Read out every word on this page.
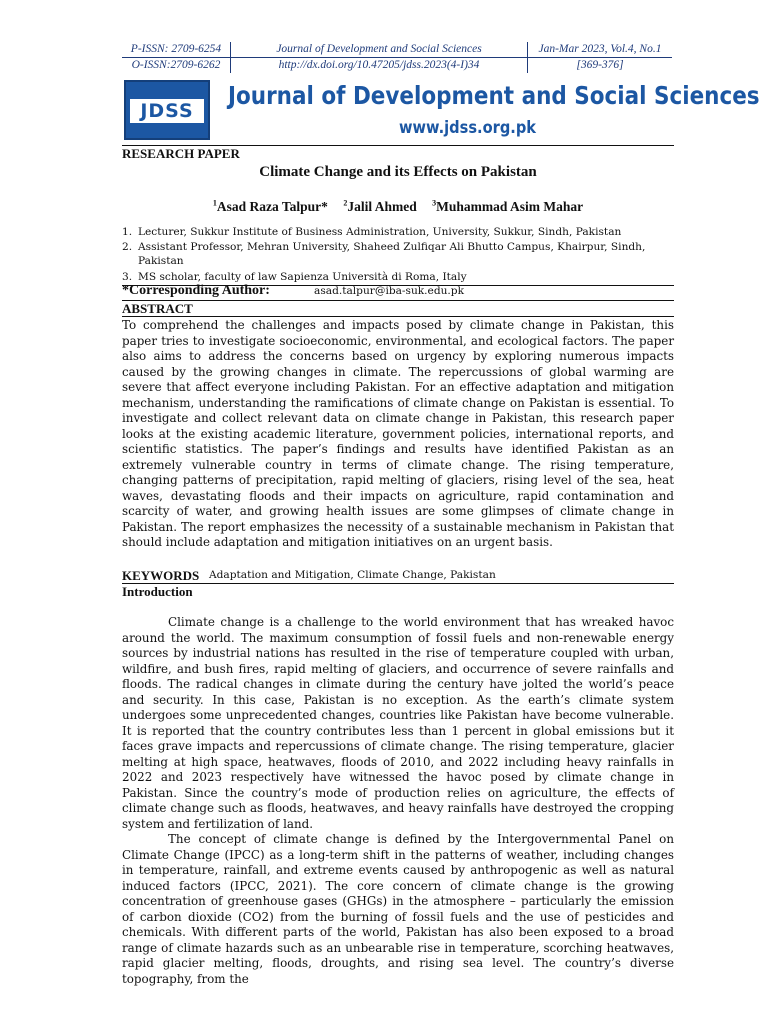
P-ISSN: 2709-6254	Journal of Development and Social Sciences	Jan-Mar 2023, Vol.4, No.1
O-ISSN:2709-6262	http://dx.doi.org/10.47205/jdss.2023(4-I)34	[369-376]
JDSS
Journal of Development and Social Sciences
www.jdss.org.pk
RESEARCH PAPER
Climate Change and its Effects on Pakistan
$^1$Asad Raza Talpur* $^2$Jalil Ahmed $^3$Muhammad Asim Mahar
1. Lecturer, Sukkur Institute of Business Administration, University, Sukkur, Sindh, Pakistan
2. Assistant Professor, Mehran University, Shaheed Zulfiqar Ali Bhutto Campus, Khairpur, Sindh, Pakistan
3. MS scholar, faculty of law Sapienza Università di Roma, Italy
*Corresponding Author:	asad.talpur@iba-suk.edu.pk
ABSTRACT
To comprehend the challenges and impacts posed by climate change in Pakistan, this paper tries to investigate socioeconomic, environmental, and ecological factors. The paper also aims to address the concerns based on urgency by exploring numerous impacts caused by the growing changes in climate. The repercussions of global warming are severe that affect everyone including Pakistan. For an effective adaptation and mitigation mechanism, understanding the ramifications of climate change on Pakistan is essential. To investigate and collect relevant data on climate change in Pakistan, this research paper looks at the existing academic literature, government policies, international reports, and scientific statistics. The paper’s findings and results have identified Pakistan as an extremely vulnerable country in terms of climate change. The rising temperature, changing patterns of precipitation, rapid melting of glaciers, rising level of the sea, heat waves, devastating floods and their impacts on agriculture, rapid contamination and scarcity of water, and growing health issues are some glimpses of climate change in Pakistan. The report emphasizes the necessity of a sustainable mechanism in Pakistan that should include adaptation and mitigation initiatives on an urgent basis.
KEYWORDS Adaptation and Mitigation, Climate Change, Pakistan
Introduction
Climate change is a challenge to the world environment that has wreaked havoc around the world. The maximum consumption of fossil fuels and non-renewable energy sources by industrial nations has resulted in the rise of temperature coupled with urban, wildfire, and bush fires, rapid melting of glaciers, and occurrence of severe rainfalls and floods. The radical changes in climate during the century have jolted the world’s peace and security. In this case, Pakistan is no exception. As the earth’s climate system undergoes some unprecedented changes, countries like Pakistan have become vulnerable. It is reported that the country contributes less than 1 percent in global emissions but it faces grave impacts and repercussions of climate change. The rising temperature, glacier melting at high space, heatwaves, floods of 2010, and 2022 including heavy rainfalls in 2022 and 2023 respectively have witnessed the havoc posed by climate change in Pakistan. Since the country’s mode of production relies on agriculture, the effects of climate change such as floods, heatwaves, and heavy rainfalls have destroyed the cropping system and fertilization of land.
The concept of climate change is defined by the Intergovernmental Panel on Climate Change (IPCC) as a long-term shift in the patterns of weather, including changes in temperature, rainfall, and extreme events caused by anthropogenic as well as natural induced factors (IPCC, 2021). The core concern of climate change is the growing concentration of greenhouse gases (GHGs) in the atmosphere – particularly the emission of carbon dioxide (CO2) from the burning of fossil fuels and the use of pesticides and chemicals. With different parts of the world, Pakistan has also been exposed to a broad range of climate hazards such as an unbearable rise in temperature, scorching heatwaves, rapid glacier melting, floods, droughts, and rising sea level. The country’s diverse topography, from the
